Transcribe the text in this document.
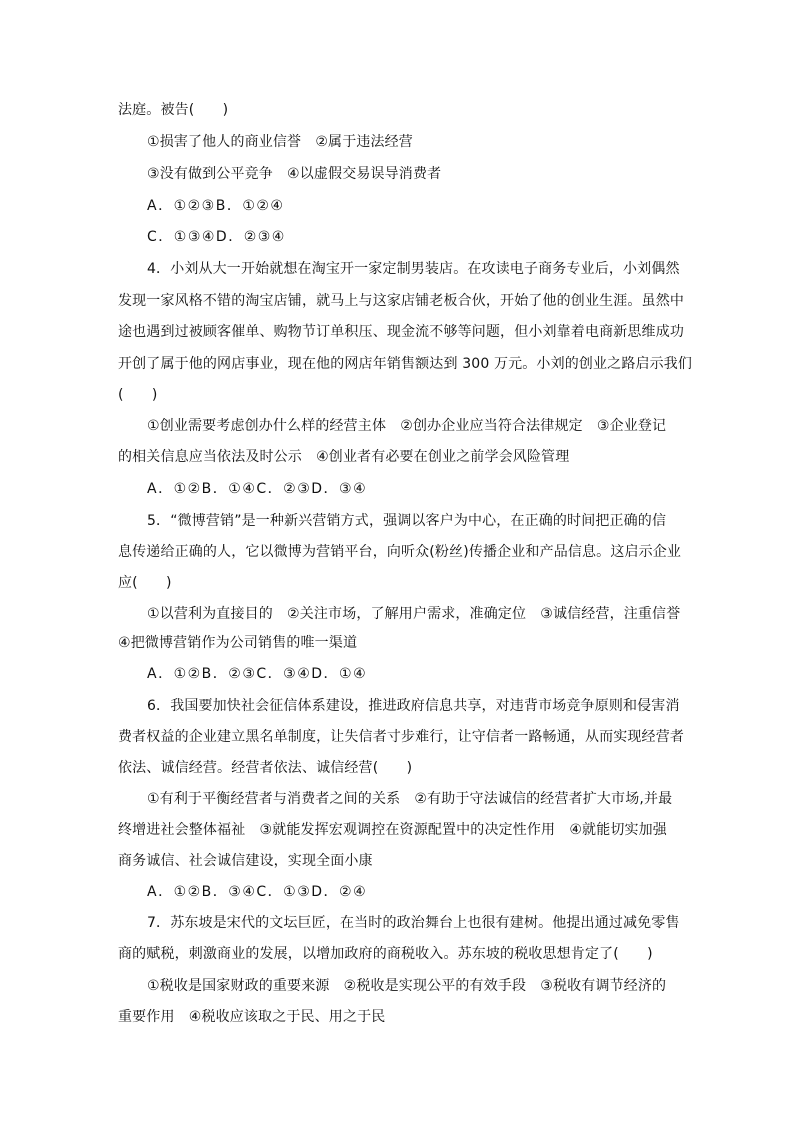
法庭。被告(　　)
①损害了他人的商业信誉　②属于违法经营
③没有做到公平竞争　④以虚假交易误导消费者
A．①②③B．①②④
C．①③④D．②③④
4．小刘从大一开始就想在淘宝开一家定制男装店。在攻读电子商务专业后，小刘偶然
发现一家风格不错的淘宝店铺，就马上与这家店铺老板合伙，开始了他的创业生涯。虽然中
途也遇到过被顾客催单、购物节订单积压、现金流不够等问题，但小刘靠着电商新思维成功
开创了属于他的网店事业，现在他的网店年销售额达到 300 万元。小刘的创业之路启示我们
(　　)
①创业需要考虑创办什么样的经营主体　②创办企业应当符合法律规定　③企业登记
的相关信息应当依法及时公示　④创业者有必要在创业之前学会风险管理
A．①②B．①④C．②③D．③④
5．“微博营销”是一种新兴营销方式，强调以客户为中心，在正确的时间把正确的信
息传递给正确的人，它以微博为营销平台，向听众(粉丝)传播企业和产品信息。这启示企业
应(　　)
①以营利为直接目的　②关注市场，了解用户需求，准确定位　③诚信经营，注重信誉
④把微博营销作为公司销售的唯一渠道
A．①②B．②③C．③④D．①④
6．我国要加快社会征信体系建设，推进政府信息共享，对违背市场竞争原则和侵害消
费者权益的企业建立黑名单制度，让失信者寸步难行，让守信者一路畅通，从而实现经营者
依法、诚信经营。经营者依法、诚信经营(　　)
①有利于平衡经营者与消费者之间的关系　②有助于守法诚信的经营者扩大市场,并最
终增进社会整体福祉　③就能发挥宏观调控在资源配置中的决定性作用　④就能切实加强
商务诚信、社会诚信建设，实现全面小康
A．①②B．③④C．①③D．②④
7．苏东坡是宋代的文坛巨匠，在当时的政治舞台上也很有建树。他提出通过减免零售
商的赋税，刺激商业的发展，以增加政府的商税收入。苏东坡的税收思想肯定了(　　)
①税收是国家财政的重要来源　②税收是实现公平的有效手段　③税收有调节经济的
重要作用　④税收应该取之于民、用之于民
